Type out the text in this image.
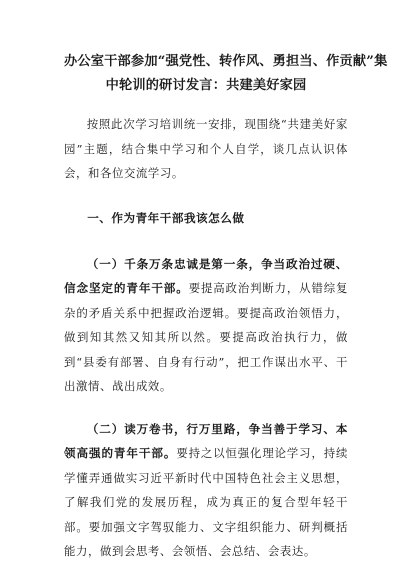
办公室干部参加“强党性、转作风、勇担当、作贡献”集
中轮训的研讨发言：共建美好家园

按照此次学习培训统一安排，现围绕“共建美好家园”主题，结合集中学习和个人自学，谈几点认识体会，和各位交流学习。

一、作为青年干部我该怎么做

（一）千条万条忠诚是第一条，争当政治过硬、信念坚定的青年干部。要提高政治判断力，从错综复杂的矛盾关系中把握政治逻辑。要提高政治领悟力，做到知其然又知其所以然。要提高政治执行力，做到“县委有部署、自身有行动”，把工作谋出水平、干出激情、战出成效。

（二）读万卷书，行万里路，争当善于学习、本领高强的青年干部。要持之以恒强化理论学习，持续学懂弄通做实习近平新时代中国特色社会主义思想，了解我们党的发展历程，成为真正的复合型年轻干部。要加强文字驾驭能力、文字组织能力、研判概括能力，做到会思考、会领悟、会总结、会表达。
